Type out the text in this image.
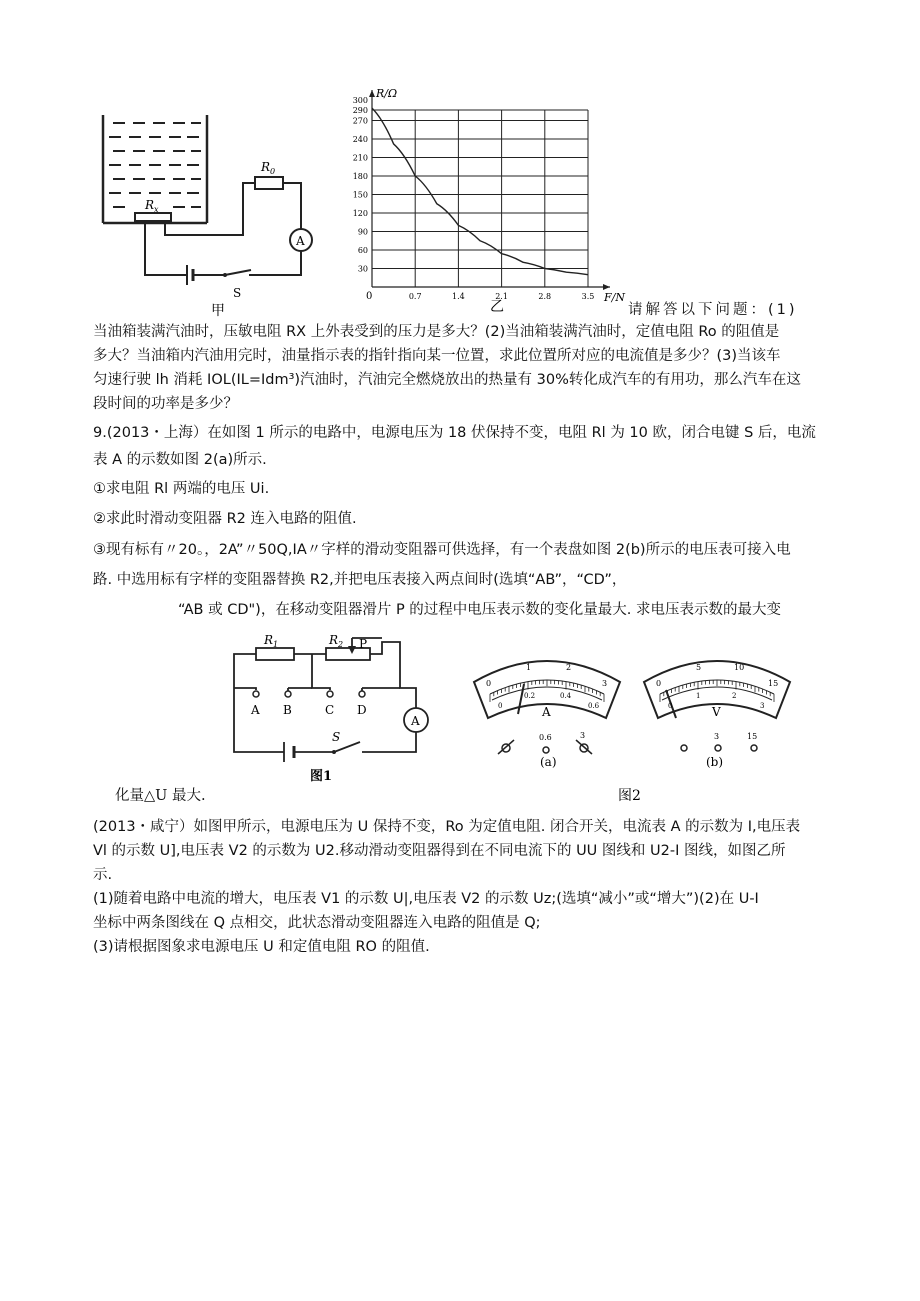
$R_x$
$R_0$
A
S
甲
300
290
270
240
210
180
150
120
90
60
30
0.7	1.4	2.1	2.8	3.5
R/Ω
F/N
0
乙	请解答以下问题：(1)
当油箱装满汽油时，压敏电阻 RX 上外表受到的压力是多大？(2)当油箱装满汽油时，定值电阻 Ro 的阻值是
多大？当油箱内汽油用完时，油量指示表的指针指向某一位置，求此位置所对应的电流值是多少？(3)当该车
匀速行驶 lh 消耗 IOL(IL=Idm³)汽油时，汽油完全燃烧放出的热量有 30%转化成汽车的有用功，那么汽车在这
段时间的功率是多少？
9.(2013・上海）在如图 1 所示的电路中，电源电压为 18 伏保持不变，电阻 Rl 为 10 欧，闭合电键 S 后，电流
表 A 的示数如图 2(a)所示.
①求电阻 Rl 两端的电压 Ui.
②求此时滑动变阻器 R2 连入电路的阻值.
③现有标有〃20。，2A”〃50Q,IA〃字样的滑动变阻器可供选择，有一个表盘如图 2(b)所示的电压表可接入电
路. 中选用标有字样的变阻器替换 R2,并把电压表接入两点间时(选填“AB”，“CD”，
“AB 或 CD")，在移动变阻器滑片 P 的过程中电压表示数的变化量最大. 求电压表示数的最大变
$R_1$	$R_2$ P
A B	C D
A
S
图1
0
1	2
3
0
0.2	0.4
0.6
A
0.6	3
(a)
0
5	10
15
0
1	2
3
V
3	15
(b)
图2
化量△U 最大.
(2013・咸宁）如图甲所示，电源电压为 U 保持不变，Ro 为定值电阻. 闭合开关，电流表 A 的示数为 I,电压表
Vl 的示数 U],电压表 V2 的示数为 U2.移动滑动变阻器得到在不同电流下的 UU 图线和 U2-I 图线，如图乙所
示.
(1)随着电路中电流的增大，电压表 V1 的示数 U|,电压表 V2 的示数 Uz;(选填“减小”或“增大”)(2)在 U-I
坐标中两条图线在 Q 点相交，此状态滑动变阻器连入电路的阻值是 Q;
(3)请根据图象求电源电压 U 和定值电阻 RO 的阻值.
